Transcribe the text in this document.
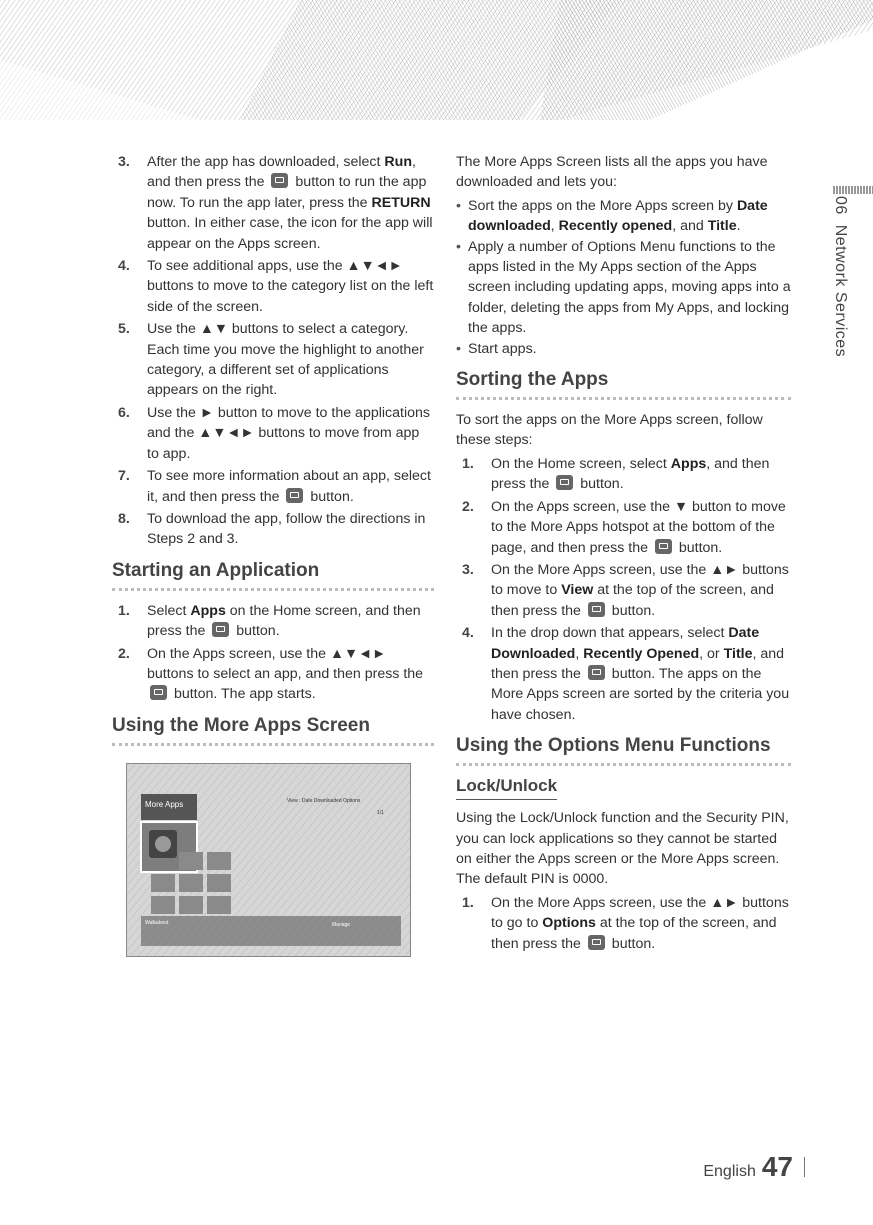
06  Network Services
3.	After the app has downloaded, select Run, and then press the  button to run the app now. To run the app later, press the RETURN button. In either case, the icon for the app will appear on the Apps screen.
4.	To see additional apps, use the ▲▼◄► buttons to move to the category list on the left side of the screen.
5.	Use the ▲▼ buttons to select a category. Each time you move the highlight to another category, a different set of applications appears on the right.
6.	Use the ► button to move to the applications and the ▲▼◄► buttons to move from app to app.
7.	To see more information about an app, select it, and then press the  button.
8.	To download the app, follow the directions in Steps 2 and 3.
Starting an Application
1.	Select Apps on the Home screen, and then press the  button.
2.	On the Apps screen, use the ▲▼◄► buttons to select an app, and then press the  button. The app starts.
Using the More Apps Screen
More Apps	View : Date Downloaded Options
1/1
Walkabout	Manage
The More Apps Screen lists all the apps you have downloaded and lets you:
• Sort the apps on the More Apps screen by Date downloaded, Recently opened, and Title.
• Apply a number of Options Menu functions to the apps listed in the My Apps section of the Apps screen including updating apps, moving apps into a folder, deleting the apps from My Apps, and locking the apps.
• Start apps.
Sorting the Apps
To sort the apps on the More Apps screen, follow these steps:
1.	On the Home screen, select Apps, and then press the  button.
2.	On the Apps screen, use the ▼ button to move to the More Apps hotspot at the bottom of the page, and then press the  button.
3.	On the More Apps screen, use the ▲► buttons to move to View at the top of the screen, and then press the  button.
4.	In the drop down that appears, select Date Downloaded, Recently Opened, or Title, and then press the  button. The apps on the More Apps screen are sorted by the criteria you have chosen.
Using the Options Menu Functions
Lock/Unlock
Using the Lock/Unlock function and the Security PIN, you can lock applications so they cannot be started on either the Apps screen or the More Apps screen. The default PIN is 0000.
1.	On the More Apps screen, use the ▲► buttons to go to Options at the top of the screen, and then press the  button.
English 47
